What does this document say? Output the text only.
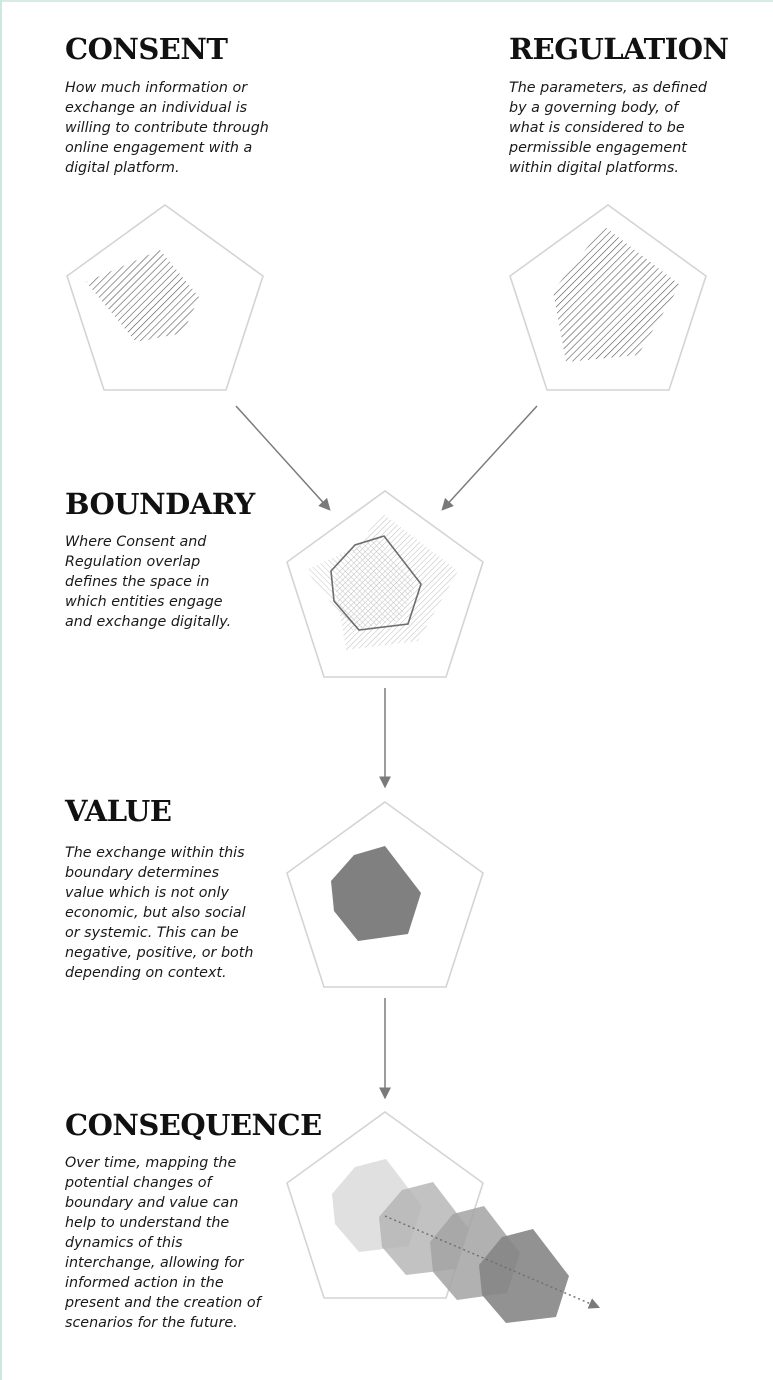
CONSENT

How much information or
exchange an individual is
willing to contribute through
online engagement with a
digital platform.

REGULATION

The parameters, as defined
by a governing body, of
what is considered to be
permissible engagement
within digital platforms.

BOUNDARY

Where Consent and
Regulation overlap
defines the space in
which entities engage
and exchange digitally.

VALUE

The exchange within this
boundary determines
value which is not only
economic, but also social
or systemic. This can be
negative, positive, or both
depending on context.

CONSEQUENCE

Over time, mapping the
potential changes of
boundary and value can
help to understand the
dynamics of this
interchange, allowing for
informed action in the
present and the creation of
scenarios for the future.
